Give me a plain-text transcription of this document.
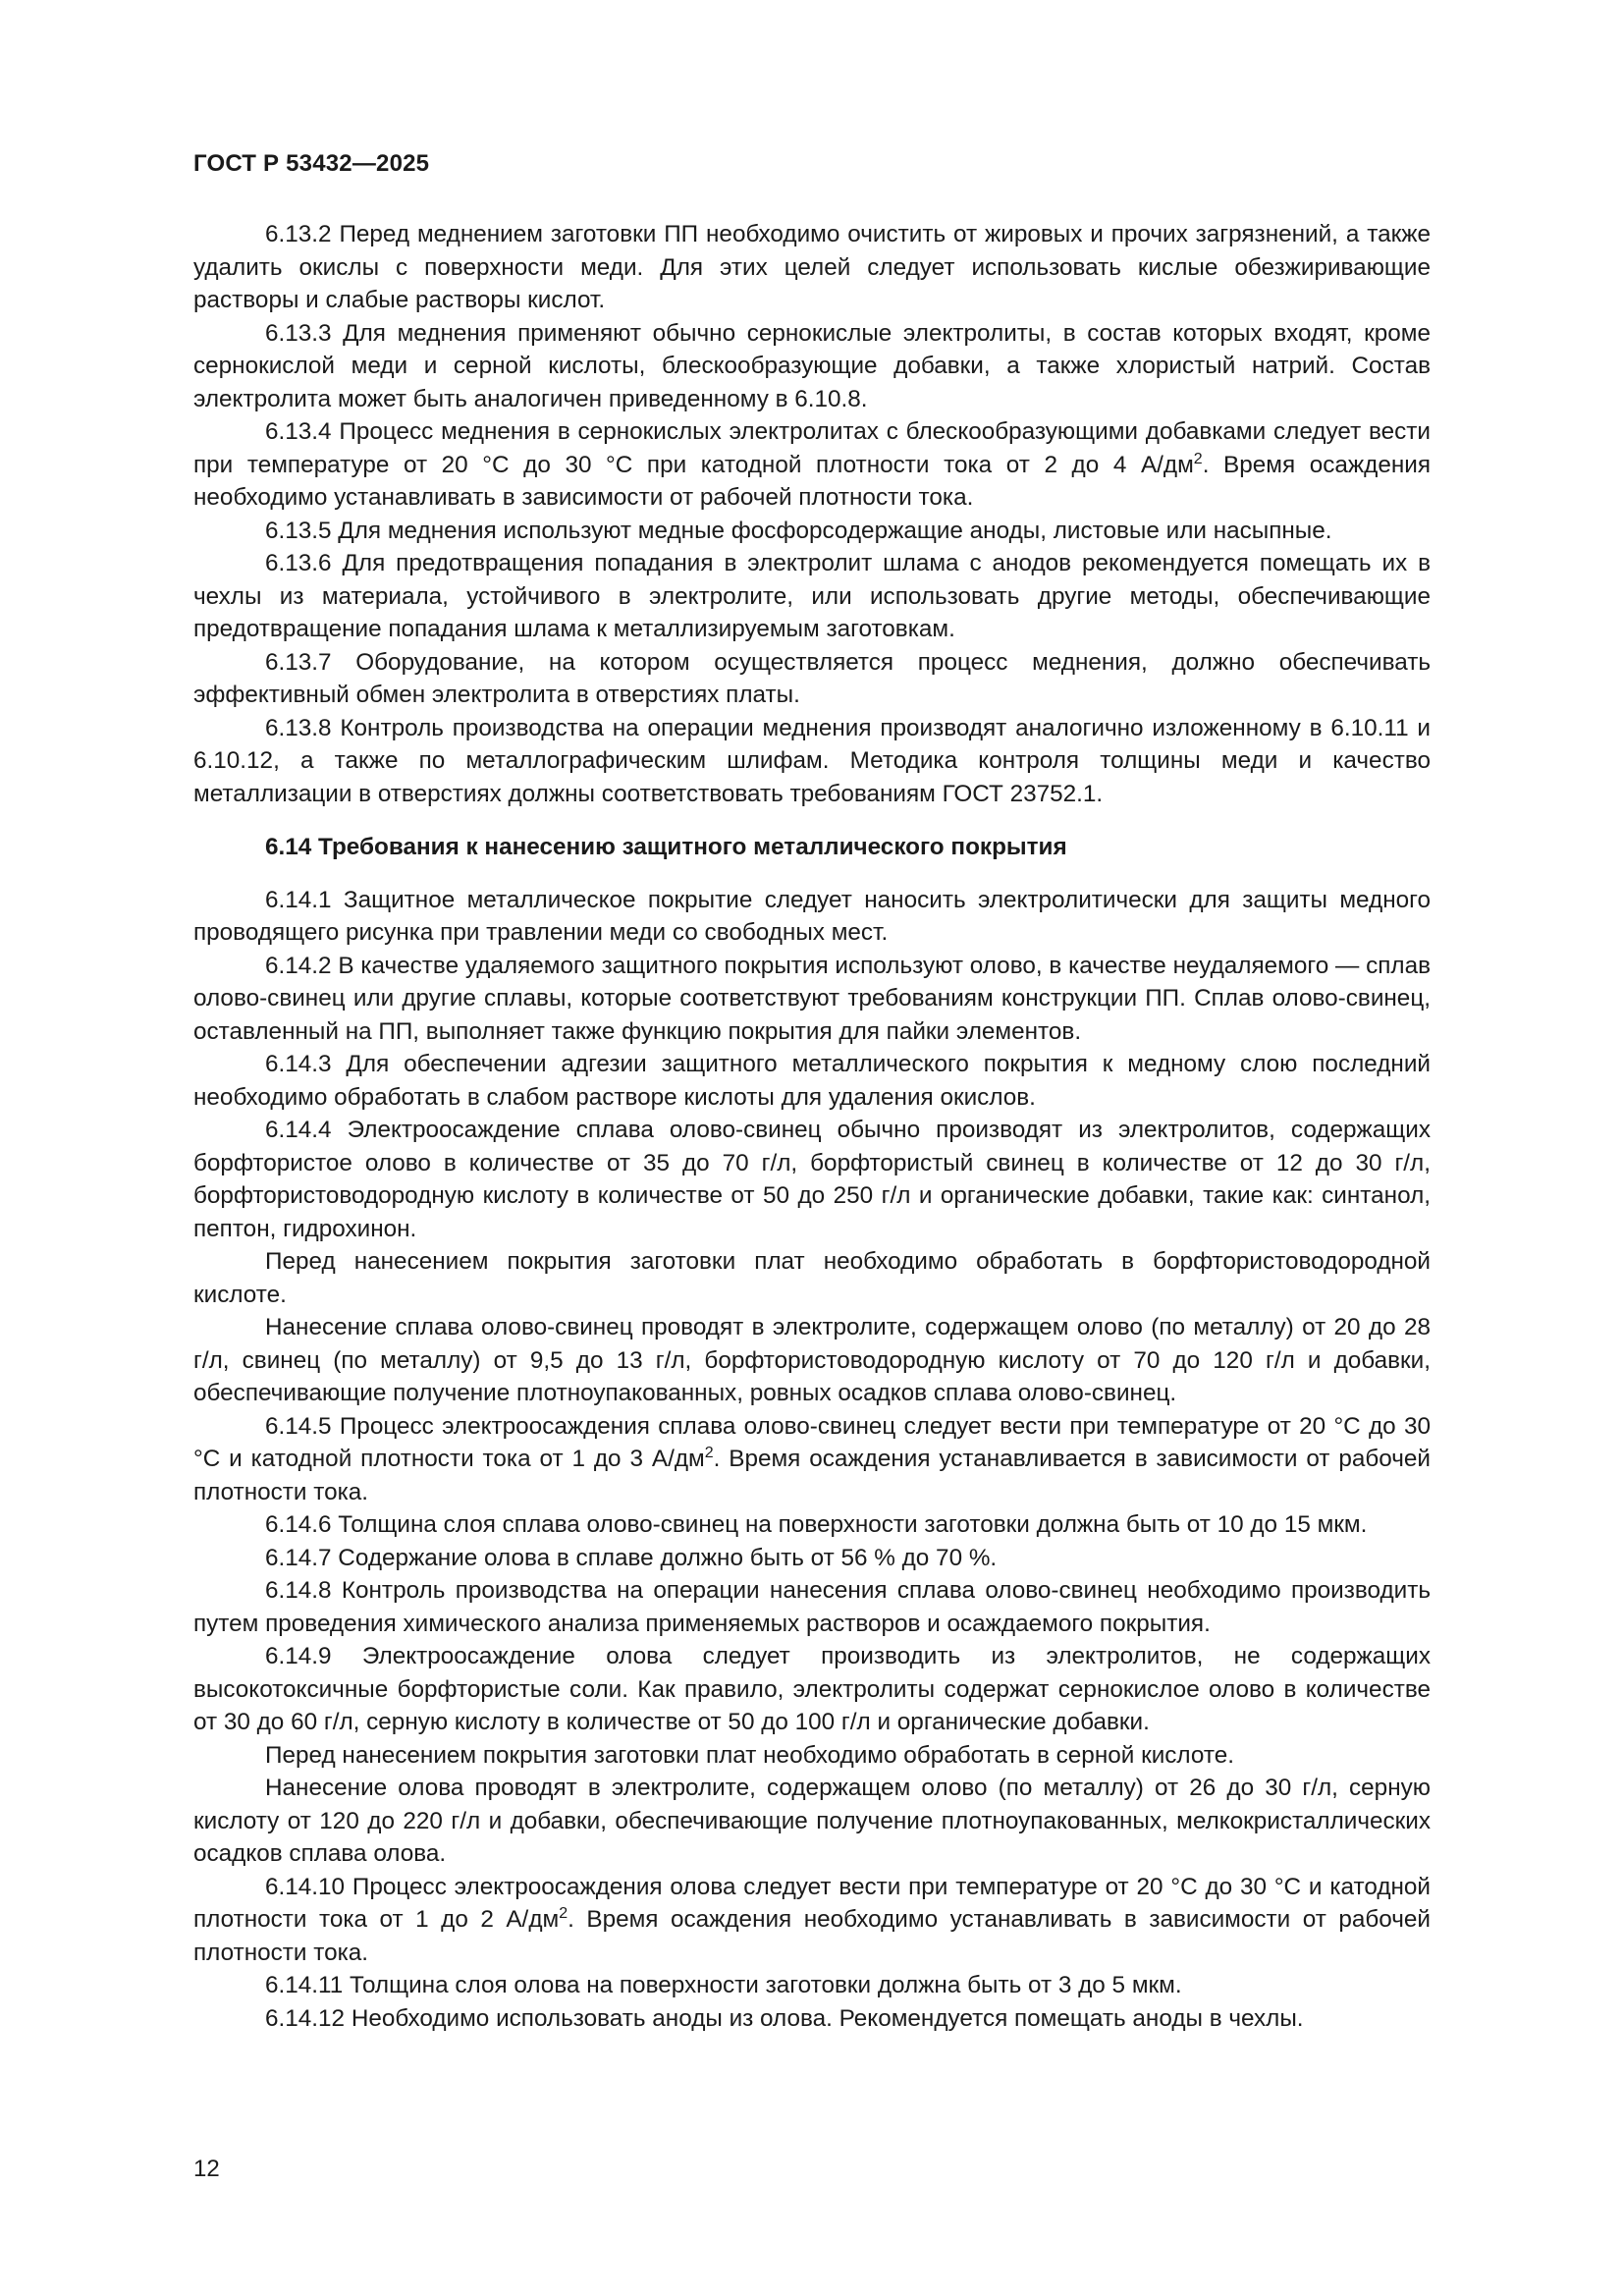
ГОСТ Р 53432—2025

6.13.2 Перед меднением заготовки ПП необходимо очистить от жировых и прочих загрязнений, а также удалить окислы с поверхности меди. Для этих целей следует использовать кислые обезжиривающие растворы и слабые растворы кислот.

6.13.3 Для меднения применяют обычно сернокислые электролиты, в состав которых входят, кроме сернокислой меди и серной кислоты, блескообразующие добавки, а также хлористый натрий. Состав электролита может быть аналогичен приведенному в 6.10.8.

6.13.4 Процесс меднения в сернокислых электролитах с блескообразующими добавками следует вести при температуре от 20 °С до 30 °С при катодной плотности тока от 2 до 4 $А/дм^2$. Время осаждения необходимо устанавливать в зависимости от рабочей плотности тока.

6.13.5 Для меднения используют медные фосфорсодержащие аноды, листовые или насыпные.

6.13.6 Для предотвращения попадания в электролит шлама с анодов рекомендуется помещать их в чехлы из материала, устойчивого в электролите, или использовать другие методы, обеспечивающие предотвращение попадания шлама к металлизируемым заготовкам.

6.13.7 Оборудование, на котором осуществляется процесс меднения, должно обеспечивать эффективный обмен электролита в отверстиях платы.

6.13.8 Контроль производства на операции меднения производят аналогично изложенному в 6.10.11 и 6.10.12, а также по металлографическим шлифам. Методика контроля толщины меди и качество металлизации в отверстиях должны соответствовать требованиям ГОСТ 23752.1.

6.14 Требования к нанесению защитного металлического покрытия

6.14.1 Защитное металлическое покрытие следует наносить электролитически для защиты медного проводящего рисунка при травлении меди со свободных мест.

6.14.2 В качестве удаляемого защитного покрытия используют олово, в качестве неудаляемого — сплав олово-свинец или другие сплавы, которые соответствуют требованиям конструкции ПП. Сплав олово-свинец, оставленный на ПП, выполняет также функцию покрытия для пайки элементов.

6.14.3 Для обеспечении адгезии защитного металлического покрытия к медному слою последний необходимо обработать в слабом растворе кислоты для удаления окислов.

6.14.4 Электроосаждение сплава олово-свинец обычно производят из электролитов, содержащих борфтористое олово в количестве от 35 до 70 г/л, борфтористый свинец в количестве от 12 до 30 г/л, борфтористоводородную кислоту в количестве от 50 до 250 г/л и органические добавки, такие как: синтанол, пептон, гидрохинон.

Перед нанесением покрытия заготовки плат необходимо обработать в борфтористоводородной кислоте.

Нанесение сплава олово-свинец проводят в электролите, содержащем олово (по металлу) от 20 до 28 г/л, свинец (по металлу) от 9,5 до 13 г/л, борфтористоводородную кислоту от 70 до 120 г/л и добавки, обеспечивающие получение плотноупакованных, ровных осадков сплава олово-свинец.

6.14.5 Процесс электроосаждения сплава олово-свинец следует вести при температуре от 20 °С до 30 °С и катодной плотности тока от 1 до 3 $А/дм^2$. Время осаждения устанавливается в зависимости от рабочей плотности тока.

6.14.6 Толщина слоя сплава олово-свинец на поверхности заготовки должна быть от 10 до 15 мкм.

6.14.7 Содержание олова в сплаве должно быть от 56 % до 70 %.

6.14.8 Контроль производства на операции нанесения сплава олово-свинец необходимо производить путем проведения химического анализа применяемых растворов и осаждаемого покрытия.

6.14.9 Электроосаждение олова следует производить из электролитов, не содержащих высокотоксичные борфтористые соли. Как правило, электролиты содержат сернокислое олово в количестве от 30 до 60 г/л, серную кислоту в количестве от 50 до 100 г/л и органические добавки.

Перед нанесением покрытия заготовки плат необходимо обработать в серной кислоте.

Нанесение олова проводят в электролите, содержащем олово (по металлу) от 26 до 30 г/л, серную кислоту от 120 до 220 г/л и добавки, обеспечивающие получение плотноупакованных, мелкокристаллических осадков сплава олова.

6.14.10 Процесс электроосаждения олова следует вести при температуре от 20 °С до 30 °С и катодной плотности тока от 1 до 2 $А/дм^2$. Время осаждения необходимо устанавливать в зависимости от рабочей плотности тока.

6.14.11 Толщина слоя олова на поверхности заготовки должна быть от 3 до 5 мкм.

6.14.12 Необходимо использовать аноды из олова. Рекомендуется помещать аноды в чехлы.

12
